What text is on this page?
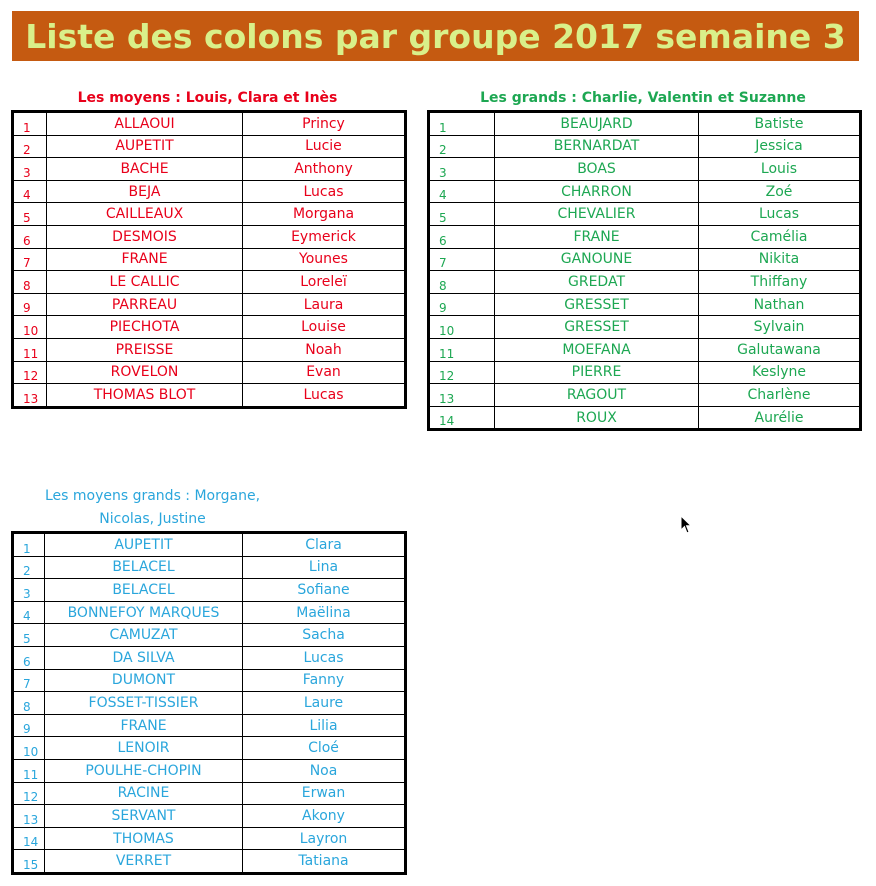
Liste des colons par groupe 2017 semaine 3
Les moyens : Louis, Clara et Inès
1	ALLAOUI	Princy
2	AUPETIT	Lucie
3	BACHE	Anthony
4	BEJA	Lucas
5	CAILLEAUX	Morgana
6	DESMOIS	Eymerick
7	FRANE	Younes
8	LE CALLIC	Loreleï
9	PARREAU	Laura
10	PIECHOTA	Louise
11	PREISSE	Noah
12	ROVELON	Evan
13	THOMAS BLOT	Lucas
Les grands : Charlie, Valentin et Suzanne
1	BEAUJARD	Batiste
2	BERNARDAT	Jessica
3	BOAS	Louis
4	CHARRON	Zoé
5	CHEVALIER	Lucas
6	FRANE	Camélia
7	GANOUNE	Nikita
8	GREDAT	Thiffany
9	GRESSET	Nathan
10	GRESSET	Sylvain
11	MOEFANA	Galutawana
12	PIERRE	Keslyne
13	RAGOUT	Charlène
14	ROUX	Aurélie
Les moyens grands : Morgane,
Nicolas, Justine
1	AUPETIT	Clara
2	BELACEL	Lina
3	BELACEL	Sofiane
4	BONNEFOY MARQUES	Maëlina
5	CAMUZAT	Sacha
6	DA SILVA	Lucas
7	DUMONT	Fanny
8	FOSSET-TISSIER	Laure
9	FRANE	Lilia
10	LENOIR	Cloé
11	POULHE-CHOPIN	Noa
12	RACINE	Erwan
13	SERVANT	Akony
14	THOMAS	Layron
15	VERRET	Tatiana
